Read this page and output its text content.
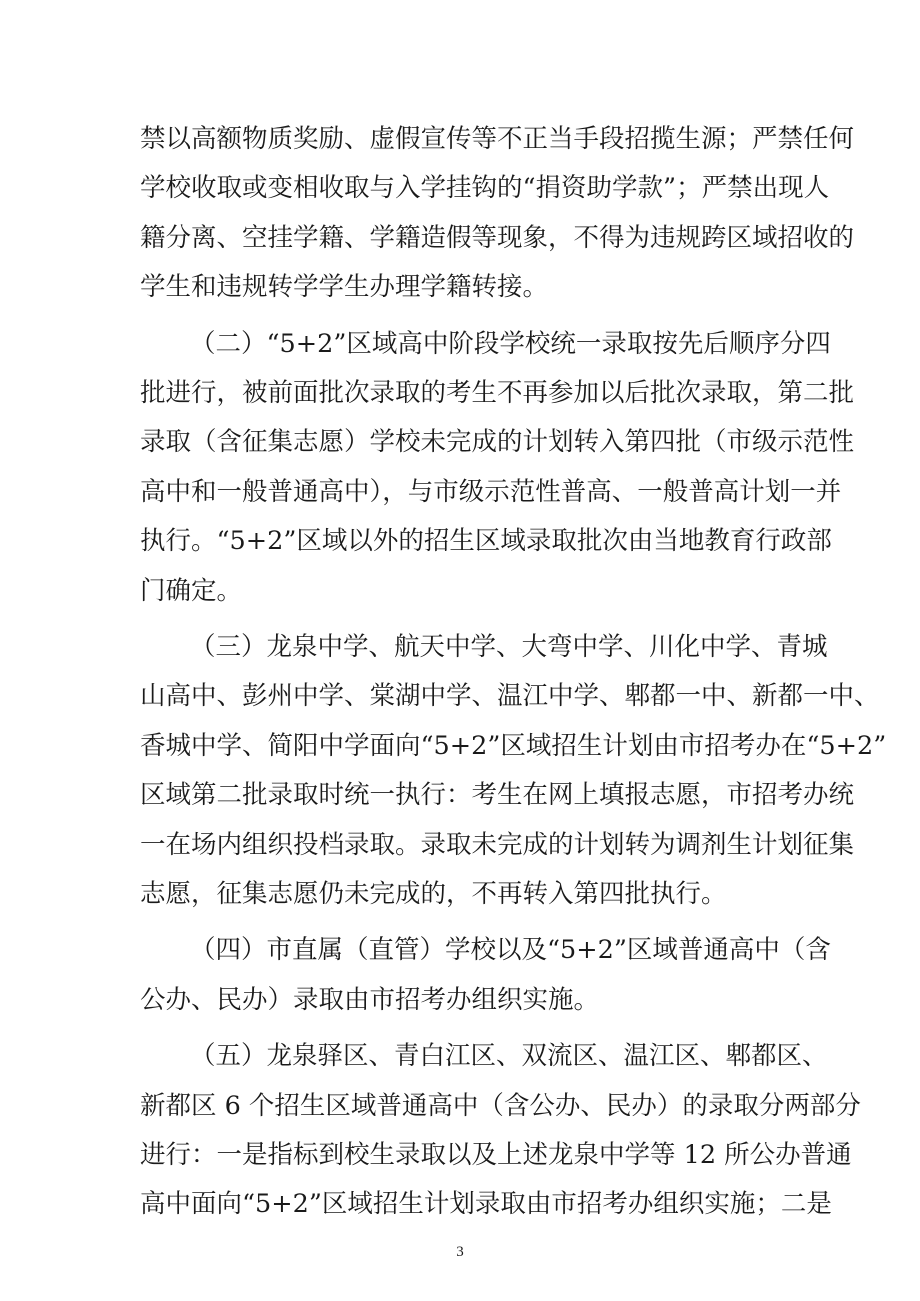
禁以高额物质奖励、虚假宣传等不正当手段招揽生源；严禁任何

学校收取或变相收取与入学挂钩的“捐资助学款”；严禁出现人

籍分离、空挂学籍、学籍造假等现象，不得为违规跨区域招收的

学生和违规转学学生办理学籍转接。

（二）“5+2”区域高中阶段学校统一录取按先后顺序分四

批进行，被前面批次录取的考生不再参加以后批次录取，第二批

录取（含征集志愿）学校未完成的计划转入第四批（市级示范性

高中和一般普通高中），与市级示范性普高、一般普高计划一并

执行。“5+2”区域以外的招生区域录取批次由当地教育行政部

门确定。

（三）龙泉中学、航天中学、大弯中学、川化中学、青城

山高中、彭州中学、棠湖中学、温江中学、郫都一中、新都一中、

香城中学、简阳中学面向“5+2”区域招生计划由市招考办在“5+2”

区域第二批录取时统一执行：考生在网上填报志愿，市招考办统

一在场内组织投档录取。录取未完成的计划转为调剂生计划征集

志愿，征集志愿仍未完成的，不再转入第四批执行。

（四）市直属（直管）学校以及“5+2”区域普通高中（含

公办、民办）录取由市招考办组织实施。

（五）龙泉驿区、青白江区、双流区、温江区、郫都区、

新都区 6 个招生区域普通高中（含公办、民办）的录取分两部分

进行：一是指标到校生录取以及上述龙泉中学等 12 所公办普通

3

高中面向“5+2”区域招生计划录取由市招考办组织实施；二是
